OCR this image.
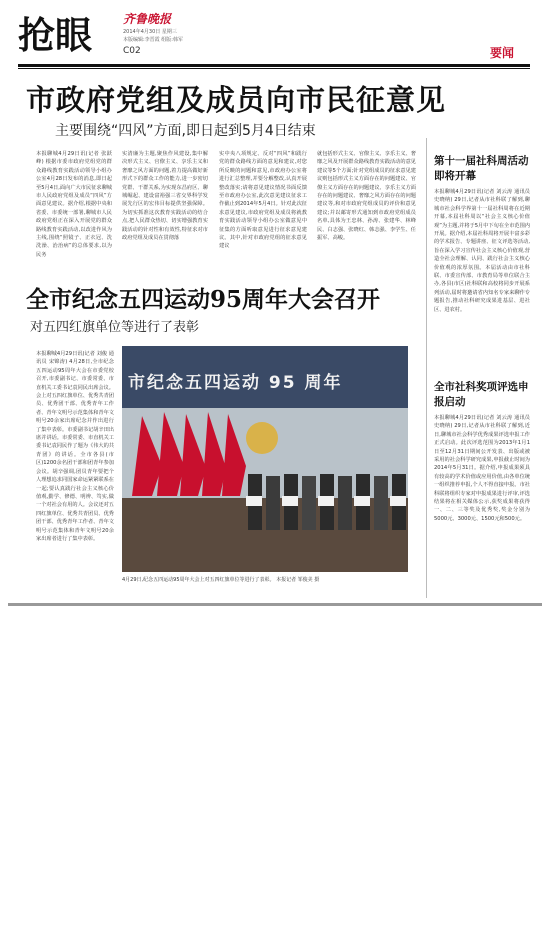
抢眼	齐鲁晚报
2014年4月30日 星期三
本版编辑:李晋霞 组版:韩军
C02	要闻
市政府党组及成员向市民征意见
主要围绕“四风”方面,即日起到5月4日结束
本报聊城4月29日讯(记者 张跃峰) 根据市委市政府党组党的群众路线教育实践活动领导小组办公室4月28日发布的消息,即日起至5月4日,面向广大市民征求聊城市人民政府党组及成员“四风”方面意见建议。据介绍,根据中央和省委、市委统一部署,聊城市人民政府党组正在深入开展党的群众路线教育实践活动,以改进作风为主线,围绕“照镜子、正衣冠、洗洗澡、治治病”的总体要求,以为民务
实清廉为主题,聚焦作风建设,集中解决形式主义、官僚主义、享乐主义和奢靡之风方面的问题,着力提高做好新形式下的群众工作的能力,进一步密切党群、干群关系,为实现东昌府区、聊城崛起、建设富裕强三省交界科学发展先行区的宏伟目标提供坚强保障。为切实抓准这次教育实践活动的结合点,把人民群众热切、切实增强教育实践活动的针对性和有效性,特征求对市政府党组及成员在贯彻落
实中央八项规定、反对“四风”和践行党的群众路线方面的意见和建议,对您所反映的问题和意见,市政府办公室将进行汇总整理,并要分解整改,认真开展整改落实;请将意见建议情况书面反馈至市政府办公室,此次意见建议征求工作截止到2014年5月4日。针对此次征求意见建议,市政府党组及成员将就教育实践活动领导小组办公室做意见中征集的方面听取意见进行征求意见建议。其中,针对市政府党组的征求意见建议
就包括形式主义、官僚主义、享乐主义、奢靡之风及开展群众路线教育实践活动的意见建议等5个方面;针对党组成员的征求意见建议则包括形式主义方面存在的问题建议、官僚主义方面存在的问题建议、享乐主义方面存在的问题建议、奢靡之风方面存在的问题建议等,和对市政府党组成员的评价和意见建议;并以邮寄形式通知到市政府党组成员名单,具体为王忠林、孙涛、张建华、林峰民、白志强、张晓红、韩志强、李学生、任振军、高峻。
全市纪念五四运动95周年大会召开
对五四红旗单位等进行了表彰
本报聊城4月29日讯(记者 刘俊 通讯员 宋锦涛) 4月28日,全市纪念五四运动95周年大会在市委党校召开,市委副书记、市委常委、市直机关工委书记袁同民出席会议。会上对五四红旗单位、优秀共青团员、优秀团干部、优秀青年工作者、青年文明号示范集体和青年文明号20余家出席纪念并作出进行了集中表彰。市委副书记胡辛田出席并讲话。市委常委、市直机关工委书记袁同民作了题为《伟大的共青团》的讲话。全市各县(市区)1200余名团干部和团青年参加会议。胡辛强调,团员青年要把个人理想追求同国家命运紧紧联系在一起;要认真践行社会主义核心价值观,勤学、修德、明辨、笃实,做一个对社会有用的人。会议还对五四红旗单位、优秀共青团员、优秀团干部、优秀青年工作者、青年文明号示范集体和青年文明号20余家出席者进行了集中表彰。
市纪念五四运动 95 周年
4月29日,纪念五四运动95周年大会上对五四红旗单位等进行了表彰。 本报记者 邹俊美 摄
第十一届社科周活动即将开幕
本报聊城4月29日讯(记者 刘云涛 通讯员 史晓纳) 29日,记者从市社科联了解到,聊城市社会科学界第十一届社科周将在近期开幕,本届社科周以“社会主义核心价值观”为主题,并将于5月中下旬在全市范围内开展。据介绍,本届社科周将开展丰富多彩的学术报告、专题讲座、征文评选等活动,旨在深入学习宣传社会主义核心价值观,营造全社会理解、认同、践行社会主义核心价值观的浓厚氛围。本届活动由市社科联、市委宣传部、市教育局等单位联合主办,各县(市区)社科联和高校将同步开展系列活动,届时将邀请省内知名专家来聊作专题报告,推动社科研究成果进基层、进社区、进农村。
全市社科奖项评选申报启动
本报聊城4月29日讯(记者 刘云涛 通讯员 史晓纳) 29日,记者从市社科联了解到,近日,聊城市社会科学优秀成果评选申报工作正式启动。此次评选范围为2013年1月1日至12月31日期间公开发表、出版或被采用的社会科学研究成果,申报截止时间为2014年5月31日。据介绍,申报成果须具有较高的学术价值或应用价值,由各单位统一组织推荐申报,个人不得直接申报。市社科联将组织专家对申报成果进行评审,评选结果将在相关媒体公示,获奖成果将获得一、二、三等奖及优秀奖,奖金分别为5000元、3000元、1500元和500元。
